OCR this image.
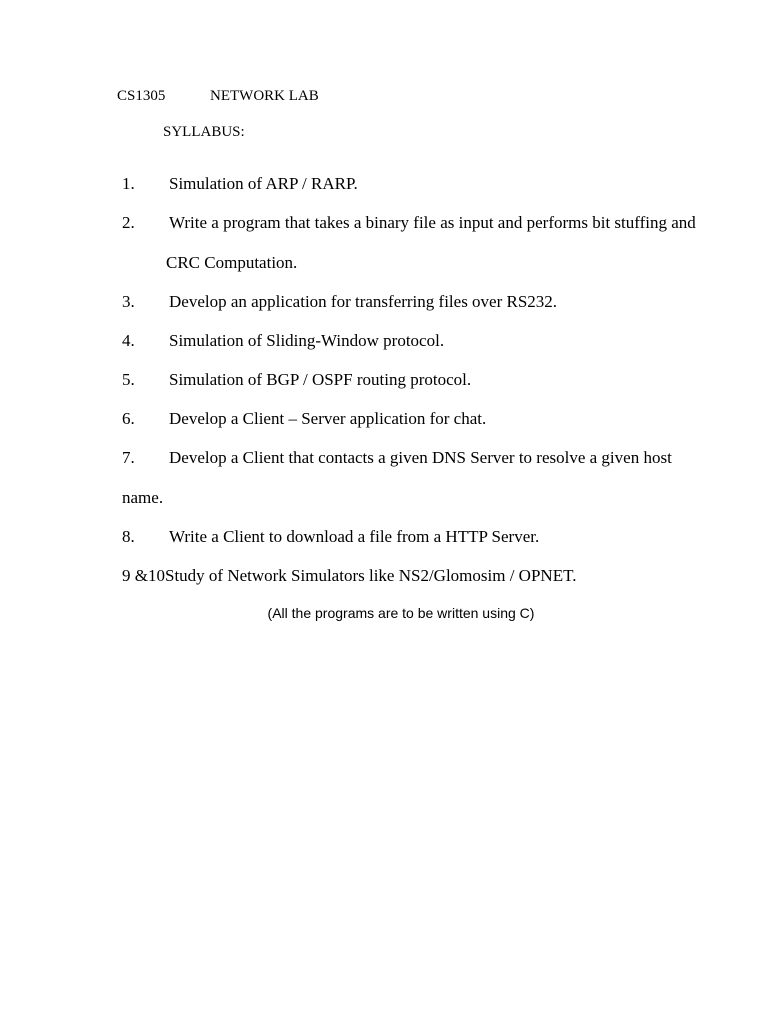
CS1305	NETWORK LAB
SYLLABUS:
1. Simulation of ARP / RARP.
2. Write a program that takes a binary file as input and performs bit stuffing and
CRC Computation.
3. Develop an application for transferring files over RS232.
4. Simulation of Sliding-Window protocol.
5. Simulation of BGP / OSPF routing protocol.
6. Develop a Client – Server application for chat.
7. Develop a Client that contacts a given DNS Server to resolve a given host
name.
8. Write a Client to download a file from a HTTP Server.
9 &10Study of Network Simulators like NS2/Glomosim / OPNET.
(All the programs are to be written using C)
